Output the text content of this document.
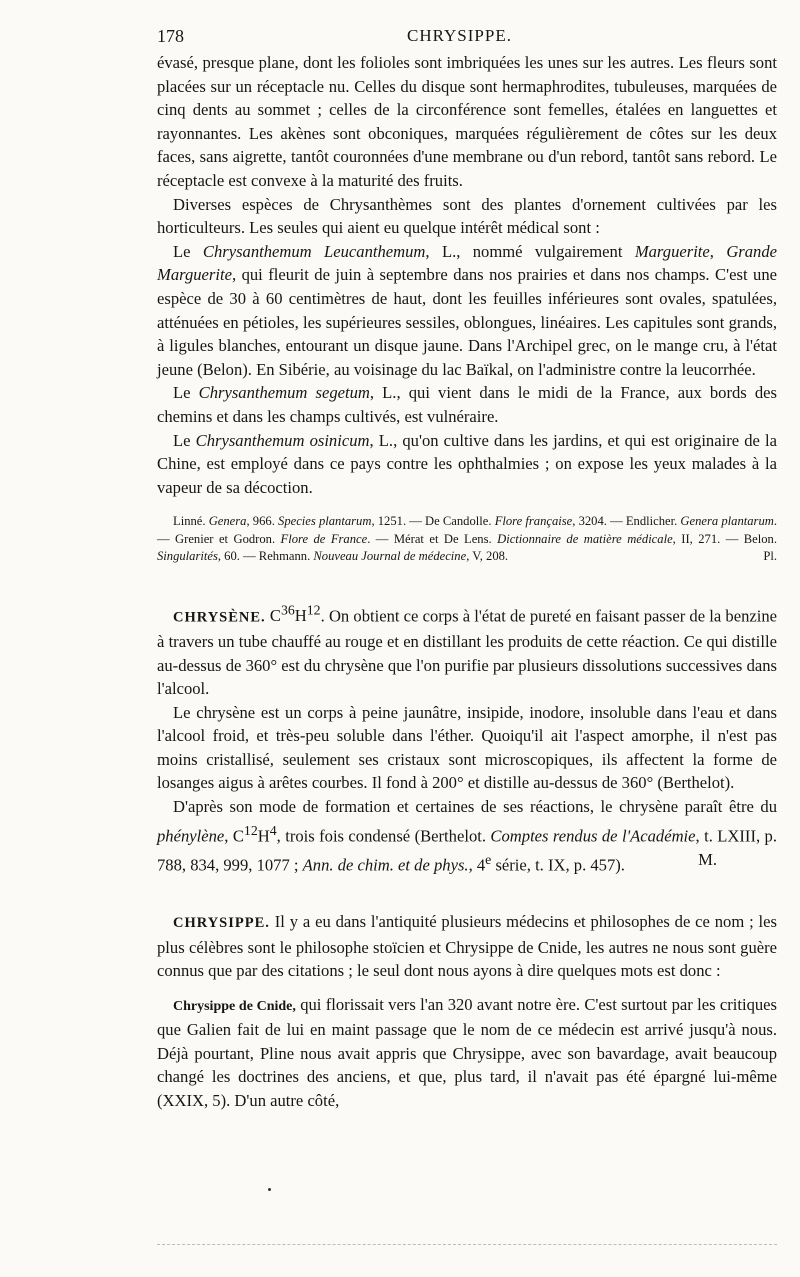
178	CHRYSIPPE.

évasé, presque plane, dont les folioles sont imbriquées les unes sur les autres. Les fleurs sont placées sur un réceptacle nu. Celles du disque sont hermaphrodites, tubuleuses, marquées de cinq dents au sommet ; celles de la circonférence sont femelles, étalées en languettes et rayonnantes. Les akènes sont obconiques, marquées régulièrement de côtes sur les deux faces, sans aigrette, tantôt couronnées d'une membrane ou d'un rebord, tantôt sans rebord. Le réceptacle est convexe à la maturité des fruits.

Diverses espèces de Chrysanthèmes sont des plantes d'ornement cultivées par les horticulteurs. Les seules qui aient eu quelque intérêt médical sont :

Le Chrysanthemum Leucanthemum, L., nommé vulgairement Marguerite, Grande Marguerite, qui fleurit de juin à septembre dans nos prairies et dans nos champs. C'est une espèce de 30 à 60 centimètres de haut, dont les feuilles inférieures sont ovales, spatulées, atténuées en pétioles, les supérieures sessiles, oblongues, linéaires. Les capitules sont grands, à ligules blanches, entourant un disque jaune. Dans l'Archipel grec, on le mange cru, à l'état jeune (Belon). En Sibérie, au voisinage du lac Baïkal, on l'administre contre la leucorrhée.

Le Chrysanthemum segetum, L., qui vient dans le midi de la France, aux bords des chemins et dans les champs cultivés, est vulnéraire.

Le Chrysanthemum osinicum, L., qu'on cultive dans les jardins, et qui est originaire de la Chine, est employé dans ce pays contre les ophthalmies ; on expose les yeux malades à la vapeur de sa décoction.

Linné. Genera, 966. Species plantarum, 1251. — De Candolle. Flore française, 3204. — Endlicher. Genera plantarum. — Grenier et Godron. Flore de France. — Mérat et De Lens. Dictionnaire de matière médicale, II, 271. — Belon. Singularités, 60. — Rehmann. Nouveau Journal de médecine, V, 208.	Pl.

CHRYSÈNE. $C^{36}H^{12}$. On obtient ce corps à l'état de pureté en faisant passer de la benzine à travers un tube chauffé au rouge et en distillant les produits de cette réaction. Ce qui distille au-dessus de 360° est du chrysène que l'on purifie par plusieurs dissolutions successives dans l'alcool.

Le chrysène est un corps à peine jaunâtre, insipide, inodore, insoluble dans l'eau et dans l'alcool froid, et très-peu soluble dans l'éther. Quoiqu'il ait l'aspect amorphe, il n'est pas moins cristallisé, seulement ses cristaux sont microscopiques, ils affectent la forme de losanges aigus à arêtes courbes. Il fond à 200° et distille au-dessus de 360° (Berthelot).

D'après son mode de formation et certaines de ses réactions, le chrysène paraît être du phénylène, $C^{12}H^4$, trois fois condensé (Berthelot. Comptes rendus de l'Académie, t. LXIII, p. 788, 834, 999, 1077 ; Ann. de chim. et de phys., 4e série, t. IX, p. 457).	M.

CHRYSIPPE. Il y a eu dans l'antiquité plusieurs médecins et philosophes de ce nom ; les plus célèbres sont le philosophe stoïcien et Chrysippe de Cnide, les autres ne nous sont guère connus que par des citations ; le seul dont nous ayons à dire quelques mots est donc :

Chrysippe de Cnide, qui florissait vers l'an 320 avant notre ère. C'est surtout par les critiques que Galien fait de lui en maint passage que le nom de ce médecin est arrivé jusqu'à nous. Déjà pourtant, Pline nous avait appris que Chrysippe, avec son bavardage, avait beaucoup changé les doctrines des anciens, et que, plus tard, il n'avait pas été épargné lui-même (XXIX, 5). D'un autre côté,
